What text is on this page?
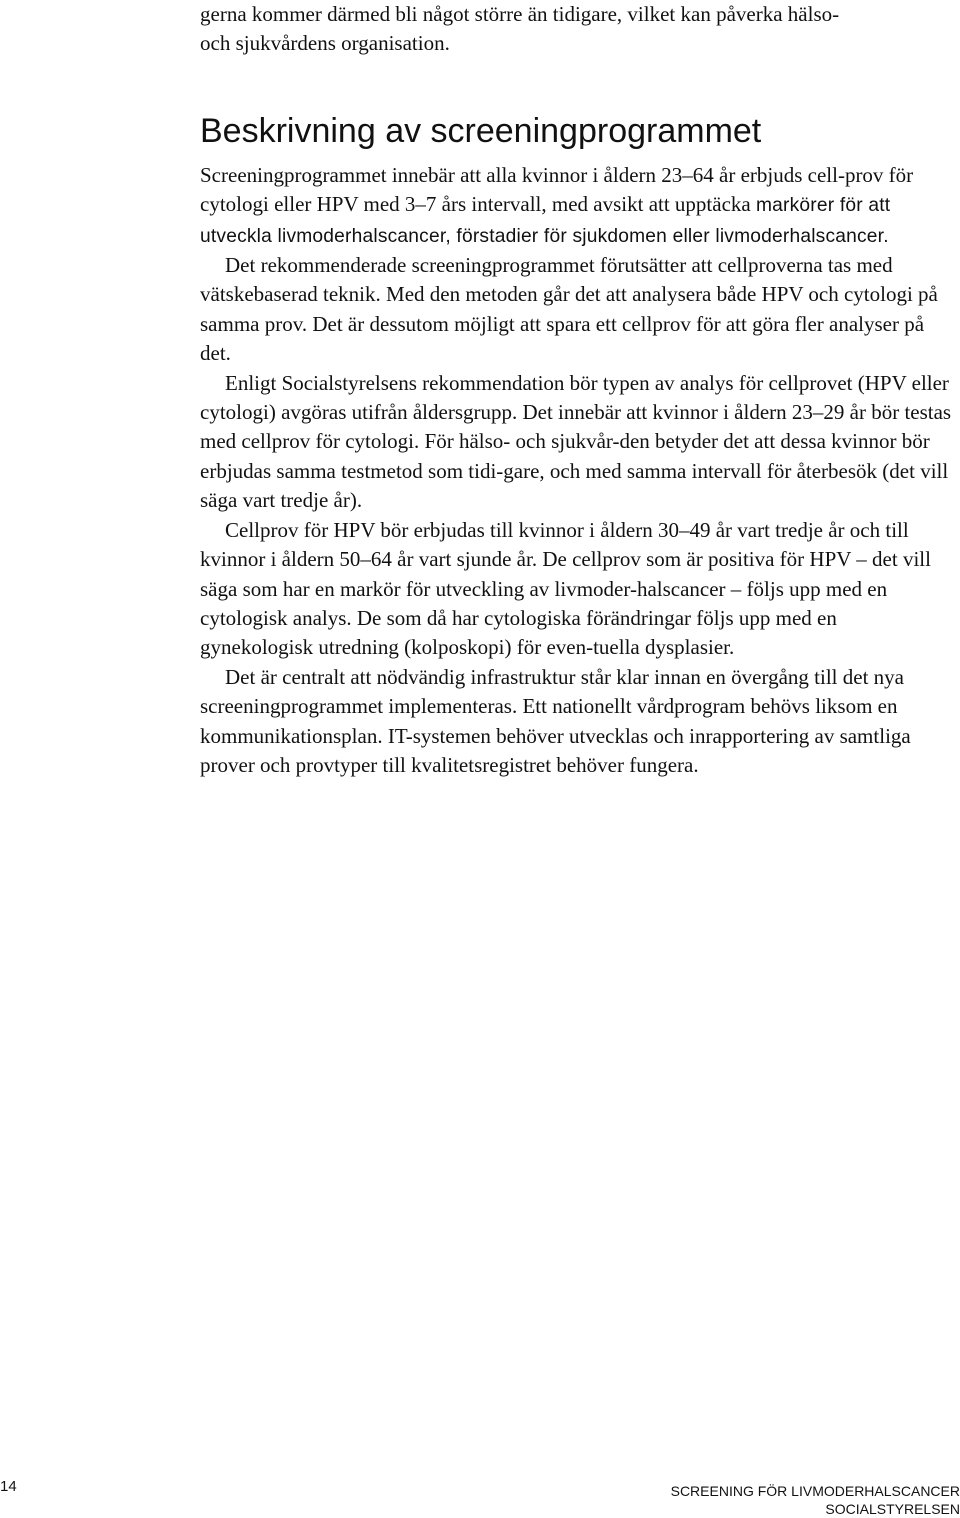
gerna kommer därmed bli något större än tidigare, vilket kan påverka hälso-
och sjukvårdens organisation.

Beskrivning av screeningprogrammet

Screeningprogrammet innebär att alla kvinnor i åldern 23–64 år erbjuds cell-prov för cytologi eller HPV med 3–7 års intervall, med avsikt att upptäcka markörer för att utveckla livmoderhalscancer, förstadier för sjukdomen eller livmoderhalscancer.

Det rekommenderade screeningprogrammet förutsätter att cellproverna tas med vätskebaserad teknik. Med den metoden går det att analysera både HPV och cytologi på samma prov. Det är dessutom möjligt att spara ett cellprov för att göra fler analyser på det.

Enligt Socialstyrelsens rekommendation bör typen av analys för cellprovet (HPV eller cytologi) avgöras utifrån åldersgrupp. Det innebär att kvinnor i åldern 23–29 år bör testas med cellprov för cytologi. För hälso- och sjukvår-den betyder det att dessa kvinnor bör erbjudas samma testmetod som tidi-gare, och med samma intervall för återbesök (det vill säga vart tredje år).

Cellprov för HPV bör erbjudas till kvinnor i åldern 30–49 år vart tredje år och till kvinnor i åldern 50–64 år vart sjunde år. De cellprov som är positiva för HPV – det vill säga som har en markör för utveckling av livmoder-halscancer – följs upp med en cytologisk analys. De som då har cytologiska förändringar följs upp med en gynekologisk utredning (kolposkopi) för even-tuella dysplasier.

Det är centralt att nödvändig infrastruktur står klar innan en övergång till det nya screeningprogrammet implementeras. Ett nationellt vårdprogram behövs liksom en kommunikationsplan. IT-systemen behöver utvecklas och inrapportering av samtliga prover och provtyper till kvalitetsregistret behöver fungera.

14	SCREENING FÖR LIVMODERHALSCANCER
SOCIALSTYRELSEN
